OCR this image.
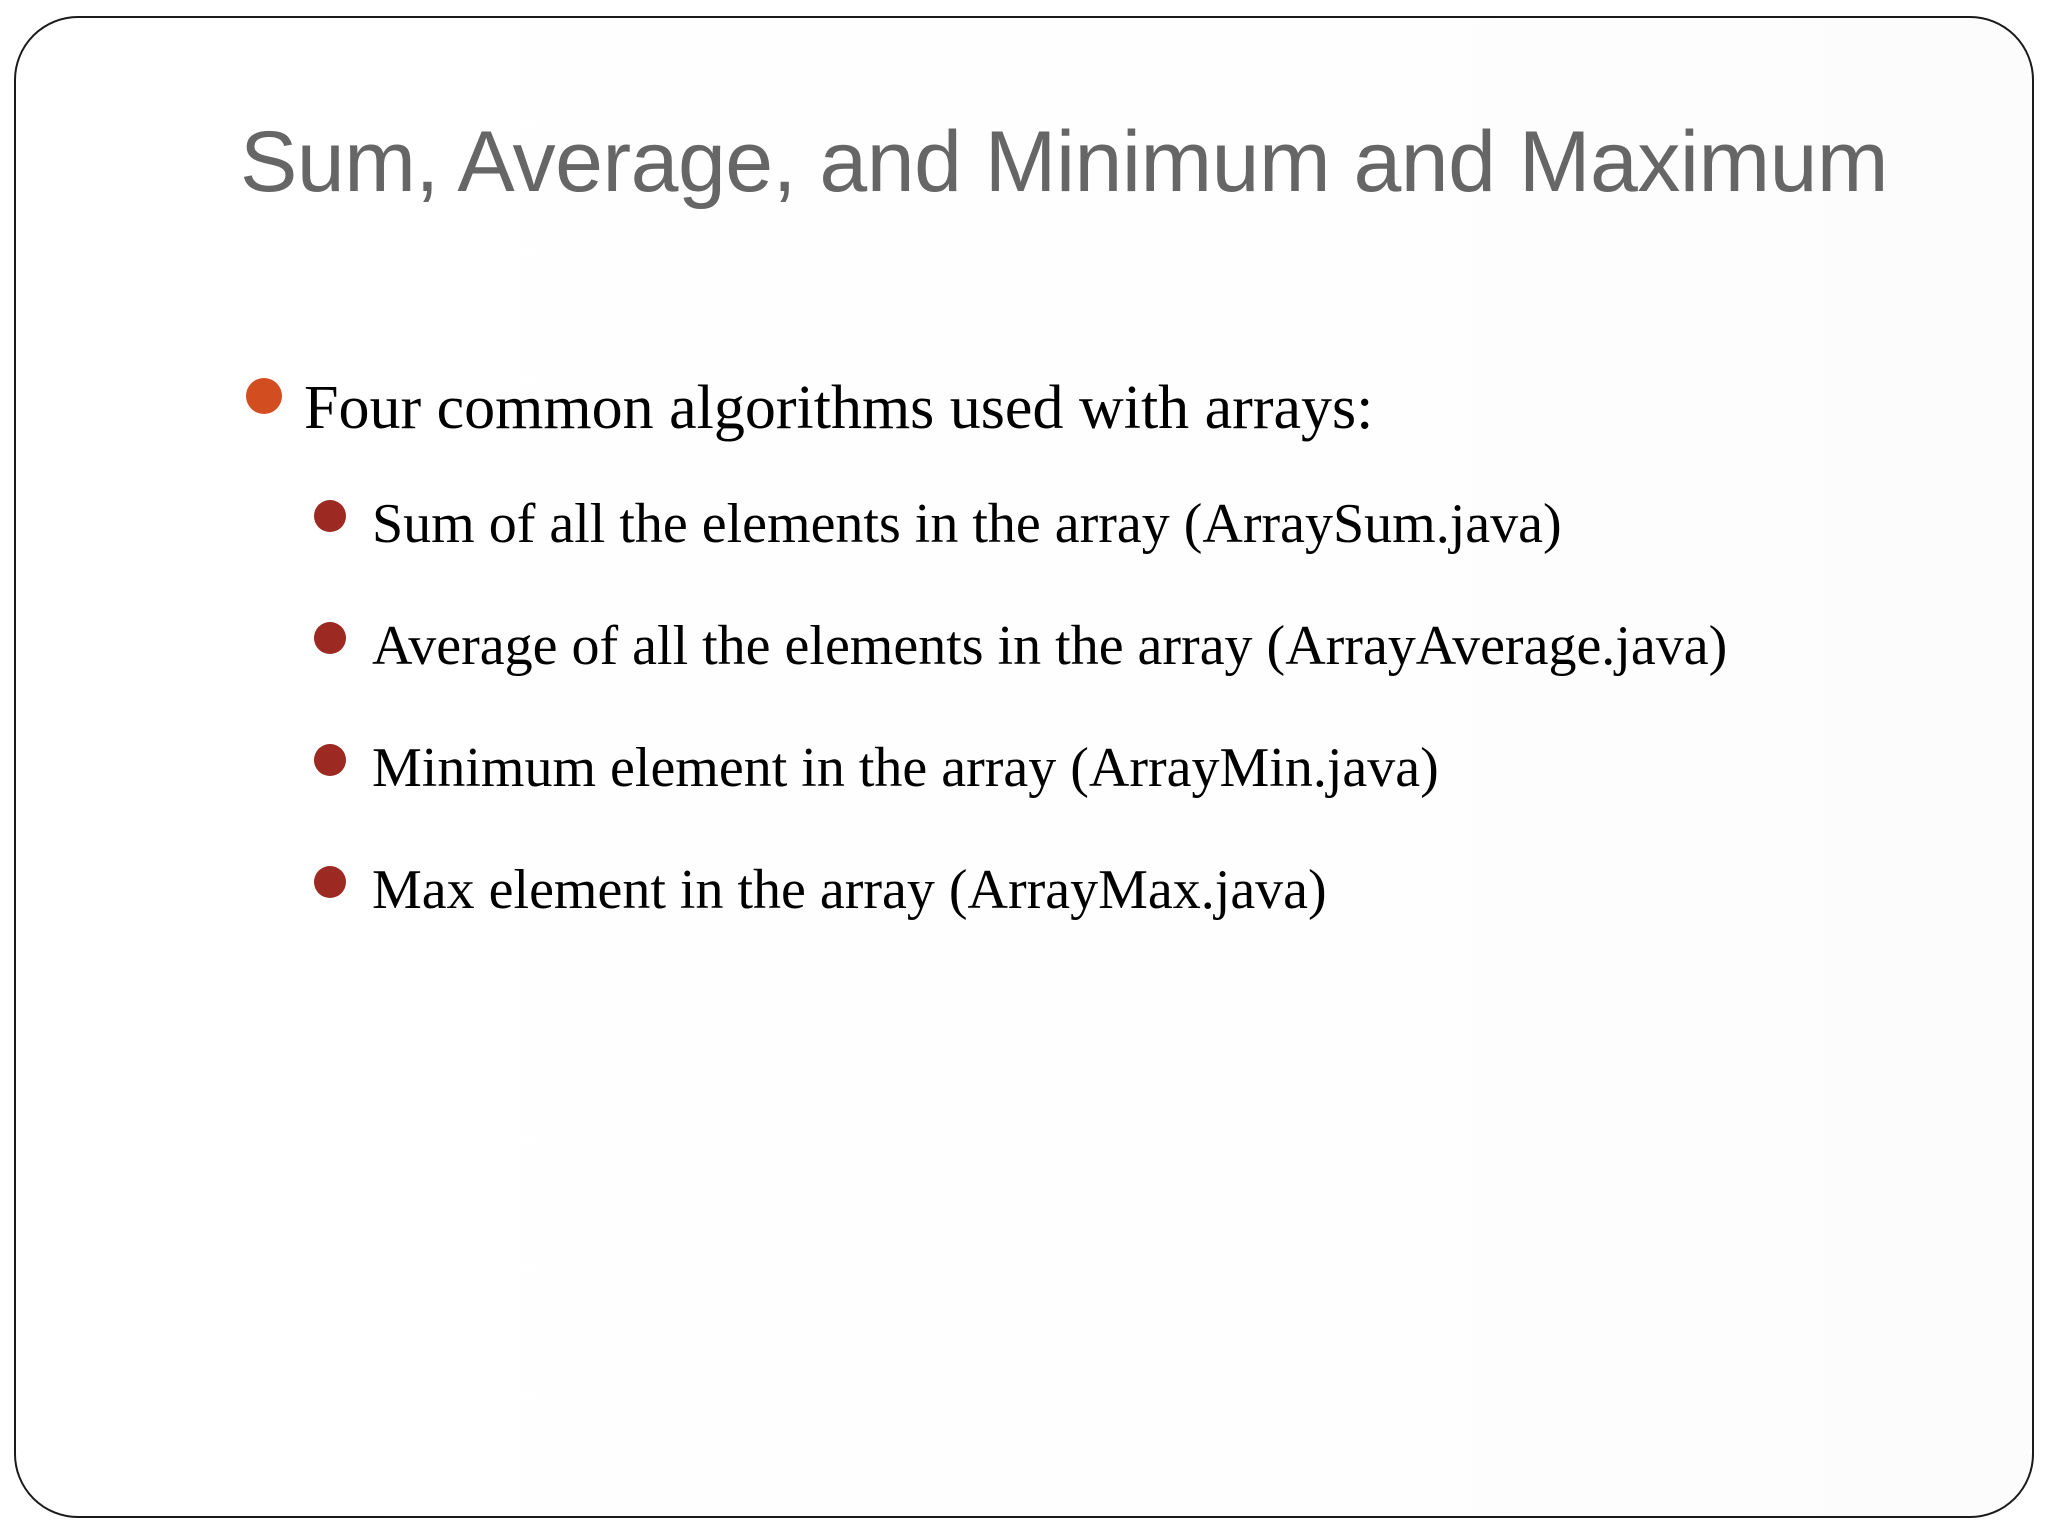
Sum, Average, and Minimum and Maximum
Four common algorithms used with arrays:
Sum of all the elements in the array (ArraySum.java)
Average of all the elements in the array (ArrayAverage.java)
Minimum element in the array (ArrayMin.java)
Max element in the array (ArrayMax.java)
